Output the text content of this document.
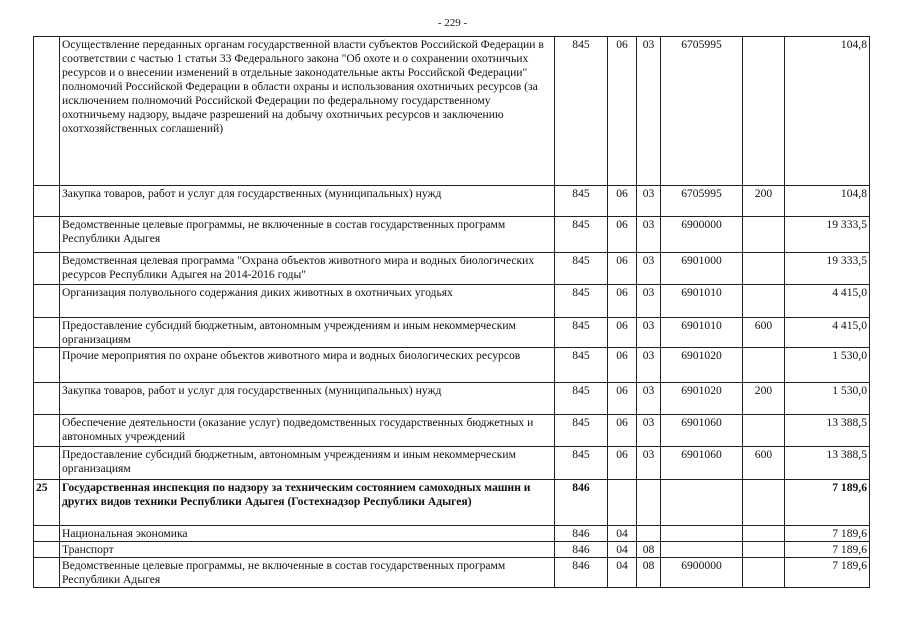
- 229 -
	Осуществление переданных органам государственной власти субъектов Российской Федерации в соответствии с частью 1 статьи 33 Федерального закона "Об охоте и о сохранении охотничьих ресурсов и о внесении изменений в отдельные законодательные акты Российской Федерации" полномочий Российской Федерации в области охраны и использования охотничьих ресурсов (за исключением полномочий Российской Федерации по федеральному государственному охотничьему надзору, выдаче разрешений на добычу охотничьих ресурсов и заключению охотхозяйственных соглашений)	845	06	03	6705995		104,8
	Закупка товаров, работ и услуг для государственных (муниципальных) нужд	845	06	03	6705995	200	104,8
	Ведомственные целевые программы, не включенные в состав государственных программ Республики Адыгея	845	06	03	6900000		19 333,5
	Ведомственная целевая программа "Охрана объектов животного мира и водных биологических ресурсов Республики Адыгея на 2014-2016 годы"	845	06	03	6901000		19 333,5
	Организация полувольного содержания диких животных в охотничьих угодьях	845	06	03	6901010		4 415,0
	Предоставление субсидий бюджетным, автономным учреждениям и иным некоммерческим организациям	845	06	03	6901010	600	4 415,0
	Прочие мероприятия по охране объектов животного мира и водных биологических ресурсов	845	06	03	6901020		1 530,0
	Закупка товаров, работ и услуг для государственных (муниципальных) нужд	845	06	03	6901020	200	1 530,0
	Обеспечение деятельности (оказание услуг) подведомственных государственных бюджетных и автономных учреждений	845	06	03	6901060		13 388,5
	Предоставление субсидий бюджетным, автономным учреждениям и иным некоммерческим организациям	845	06	03	6901060	600	13 388,5
25	Государственная инспекция по надзору за техническим состоянием самоходных машин и других видов техники Республики Адыгея (Гостехнадзор Республики Адыгея)	846					7 189,6
	Национальная экономика	846	04				7 189,6
	Транспорт	846	04	08			7 189,6
	Ведомственные целевые программы, не включенные в состав государственных программ Республики Адыгея	846	04	08	6900000		7 189,6
